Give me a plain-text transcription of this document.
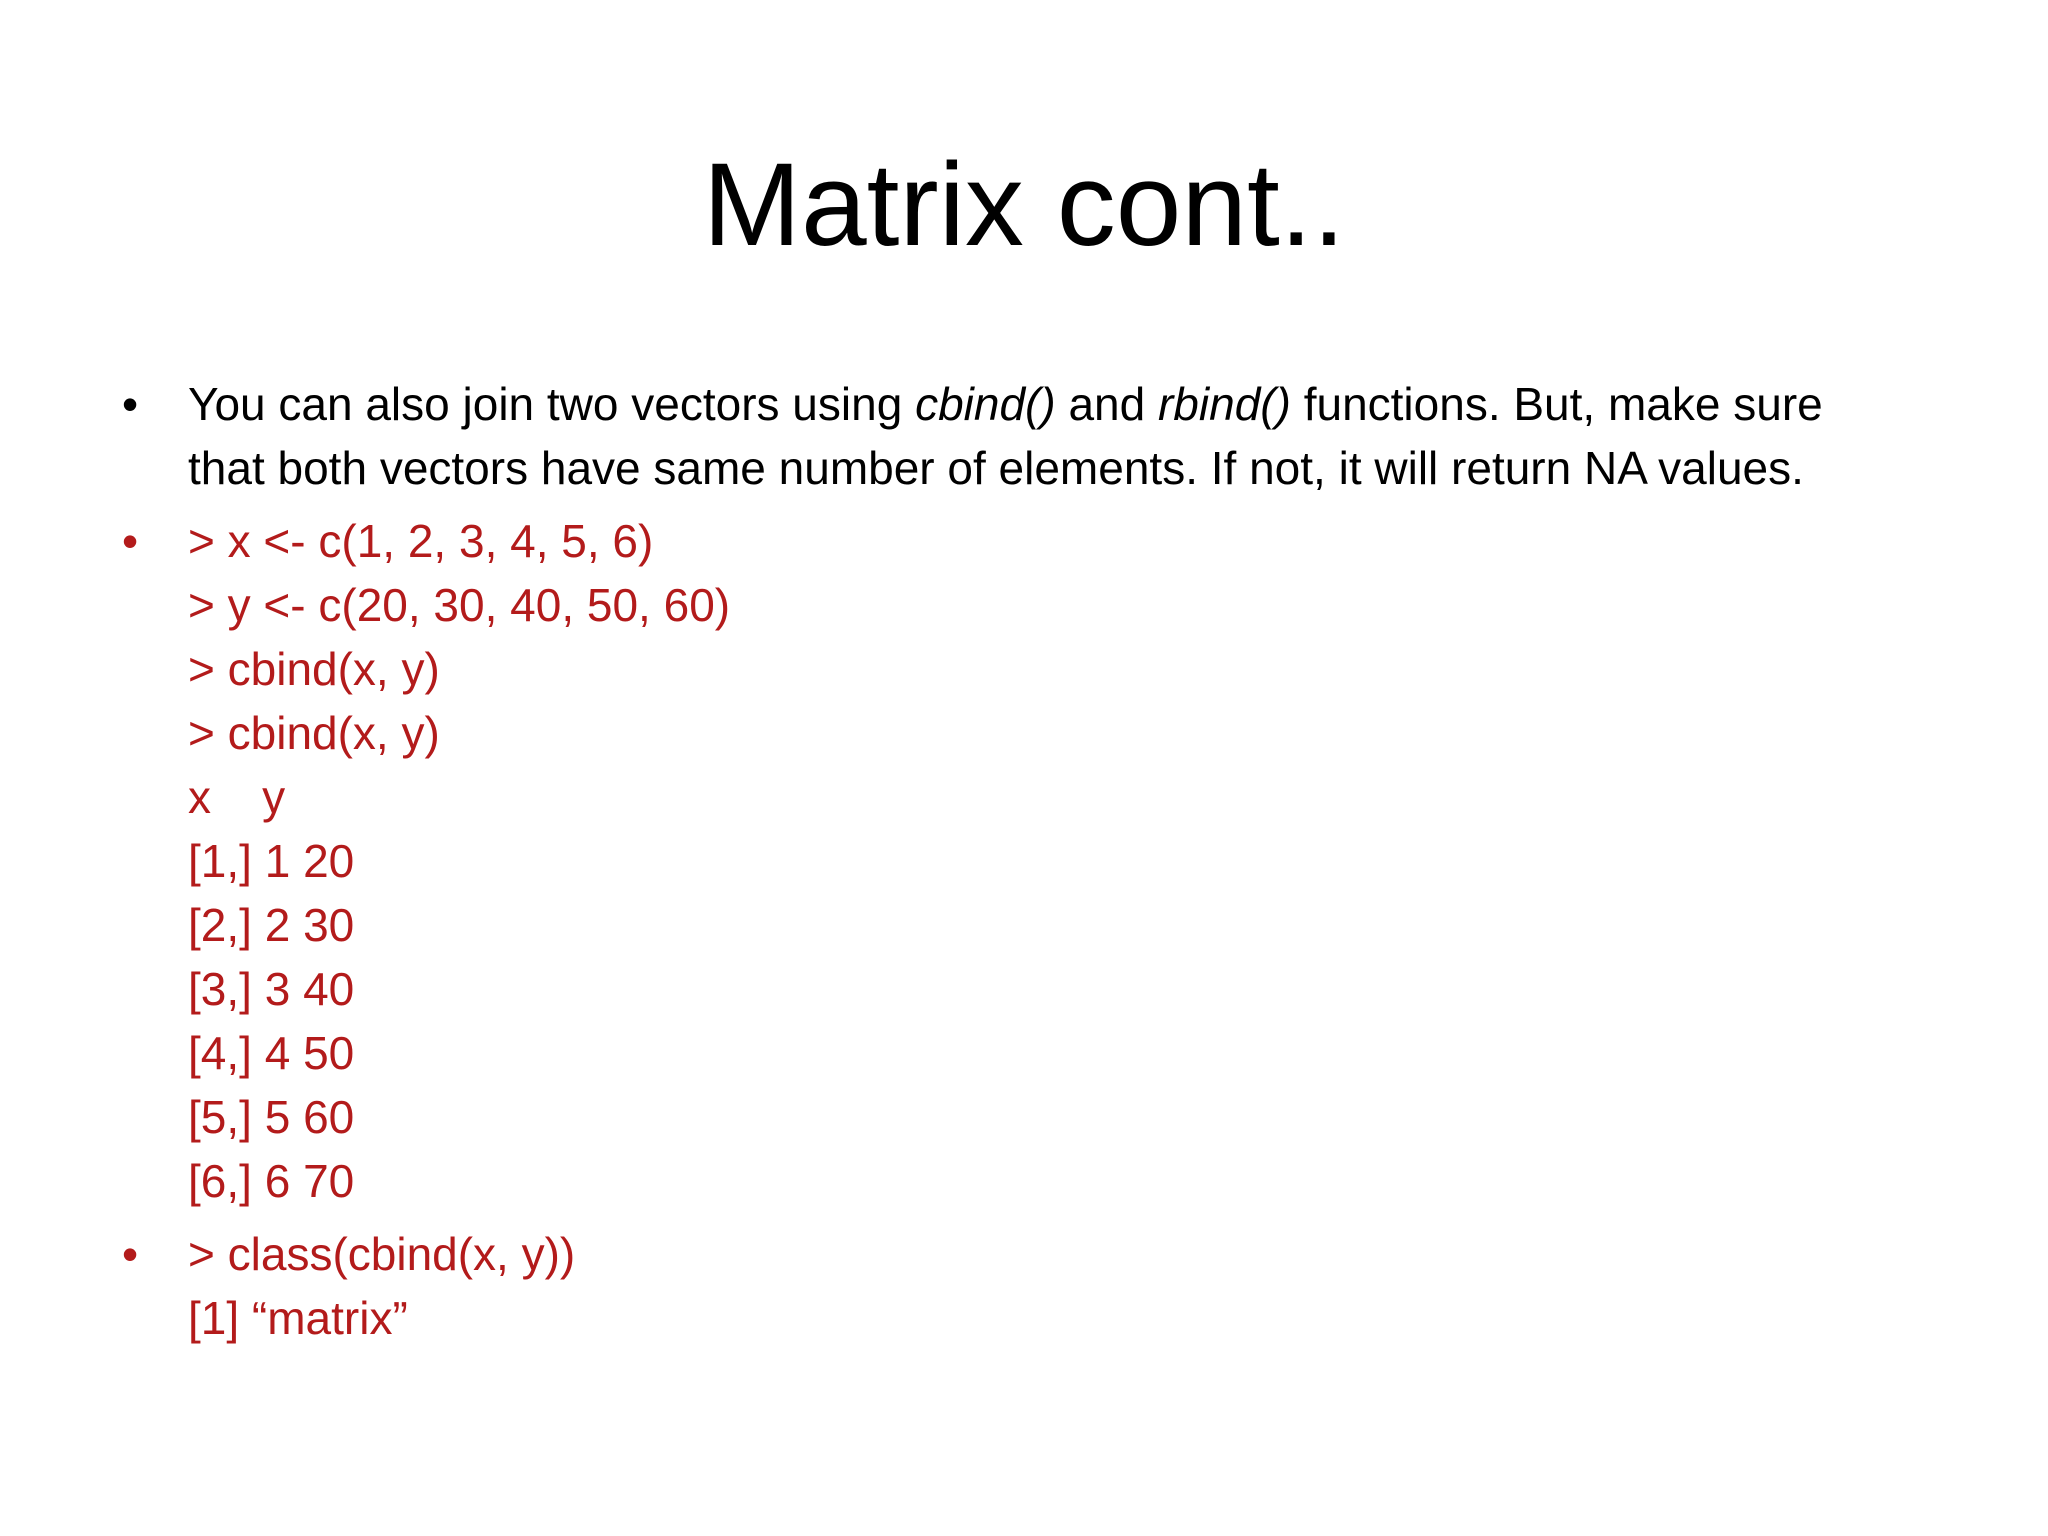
Matrix cont..
•	You can also join two vectors using cbind() and rbind() functions. But, make sure
that both vectors have same number of elements. If not, it will return NA values.
•	> x <- c(1, 2, 3, 4, 5, 6)
> y <- c(20, 30, 40, 50, 60)
> cbind(x, y)
> cbind(x, y)
x    y
[1,] 1 20
[2,] 2 30
[3,] 3 40
[4,] 4 50
[5,] 5 60
[6,] 6 70
•	> class(cbind(x, y))
[1] “matrix”
